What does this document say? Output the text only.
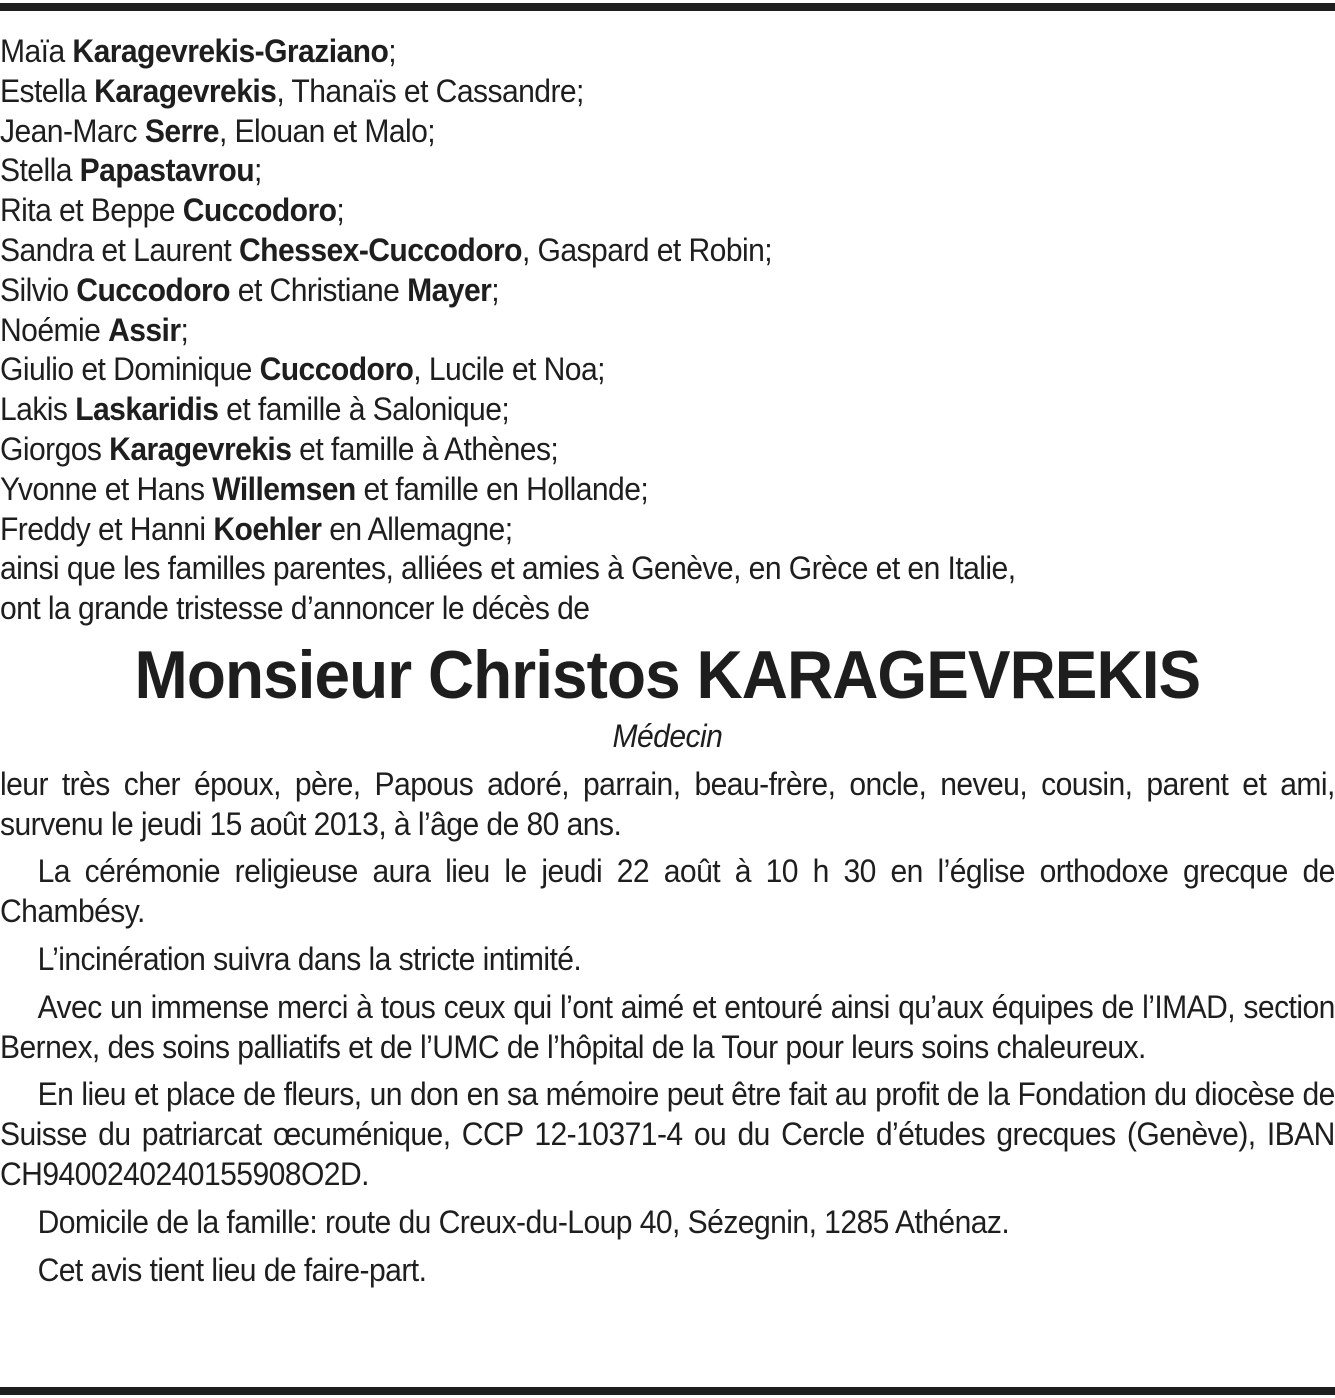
Maïa Karagevrekis-Graziano;
Estella Karagevrekis, Thanaïs et Cassandre;
Jean-Marc Serre, Elouan et Malo;
Stella Papastavrou;
Rita et Beppe Cuccodoro;
Sandra et Laurent Chessex-Cuccodoro, Gaspard et Robin;
Silvio Cuccodoro et Christiane Mayer;
Noémie Assir;
Giulio et Dominique Cuccodoro, Lucile et Noa;
Lakis Laskaridis et famille à Salonique;
Giorgos Karagevrekis et famille à Athènes;
Yvonne et Hans Willemsen et famille en Hollande;
Freddy et Hanni Koehler en Allemagne;
ainsi que les familles parentes, alliées et amies à Genève, en Grèce et en Italie,
ont la grande tristesse d’annoncer le décès de
Monsieur Christos KARAGEVREKIS
Médecin

leur très cher époux, père, Papous adoré, parrain, beau-frère, oncle, neveu, cousin, parent et ami, survenu le jeudi 15 août 2013, à l’âge de 80 ans.

La cérémonie religieuse aura lieu le jeudi 22 août à 10 h 30 en l’église orthodoxe grecque de Chambésy.

L’incinération suivra dans la stricte intimité.

Avec un immense merci à tous ceux qui l’ont aimé et entouré ainsi qu’aux équipes de l’IMAD, section Bernex, des soins palliatifs et de l’UMC de l’hôpital de la Tour pour leurs soins chaleureux.

En lieu et place de fleurs, un don en sa mémoire peut être fait au profit de la Fondation du diocèse de Suisse du patriarcat œcuménique, CCP 12-10371-4 ou du Cercle d’études grecques (Genève), IBAN CH9400240240155908O2D.

Domicile de la famille: route du Creux-du-Loup 40, Sézegnin, 1285 Athénaz.

Cet avis tient lieu de faire-part.
